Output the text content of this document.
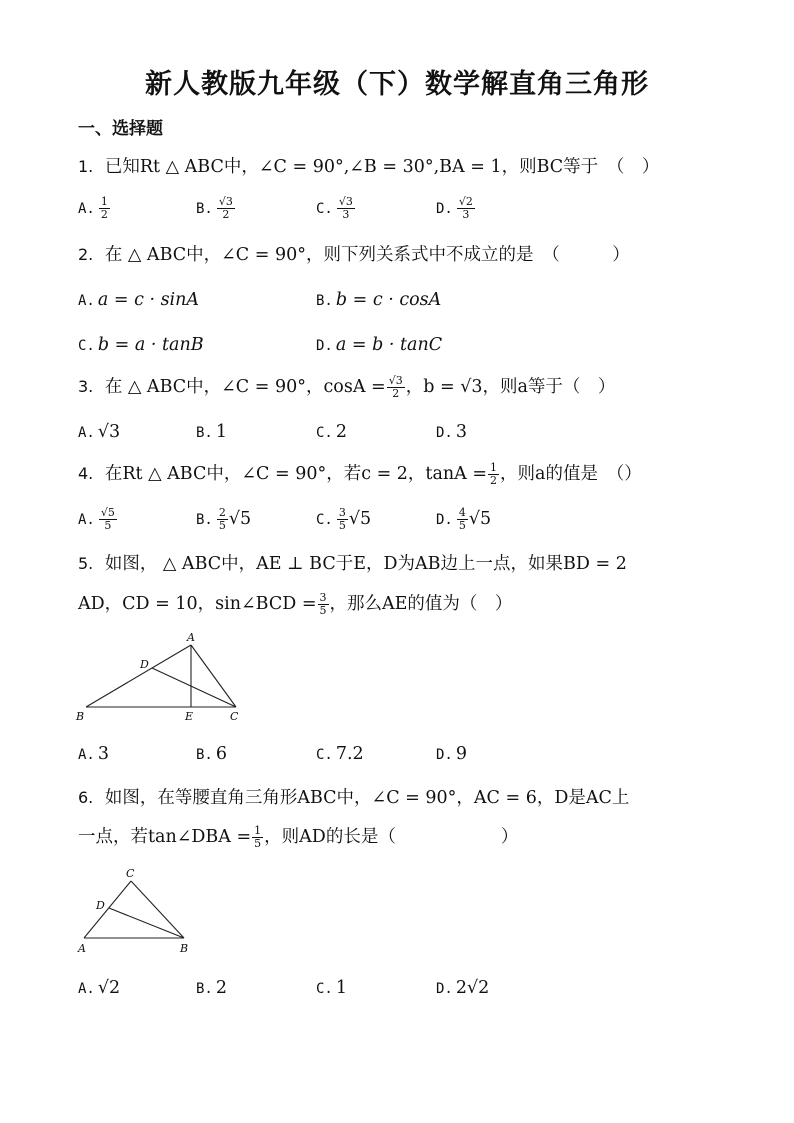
新人教版九年级（下）数学解直角三角形
一、选择题
1. 已知Rt △ ABC中，∠C = 90°,∠B = 30°,BA = 1，则BC等于　（　）
A. $\frac{1}{2}$	B. $\frac{√3}{2}$	C. $\frac{√3}{3}$	D. $\frac{√2}{3}$
2. 在 △ ABC中，∠C = 90°，则下列关系式中不成立的是　（　　　）
A. a = c · sinA	B. b = c · cosA
C. b = a · tanB	D. a = b · tanC
3. 在 △ ABC中，∠C = 90°，$\cos A = \frac{√3}{2}$ ，b = √3，则a等于（　）
A. √3	B. 1	C. 2	D. 3
4. 在Rt △ ABC中，∠C = 90°，若c = 2，$\tan A = \frac{1}{2}$ ，则a的值是　（）
A. $\frac{√5}{5}$	B. $\frac{2}{5} √5$	C. $\frac{3}{5} √5$	D. $\frac{4}{5} √5$
5. 如图， △ ABC中，AE ⊥ BC于E，D为AB边上一点，如果BD = 2
AD，CD = 10，sin∠BCD = $\frac{3}{5}$ ，那么AE的值为（　）
A
D
B	E	C
A. 3	B. 6	C. 7.2	D. 9
6. 如图，在等腰直角三角形ABC中，∠C = 90°，AC = 6，D是AC上
一点，若tan∠DBA = $\frac{1}{5}$ ，则AD的长是（　　　　　　）
C
D
A	B
A. √2	B. 2	C. 1	D. 2√2
